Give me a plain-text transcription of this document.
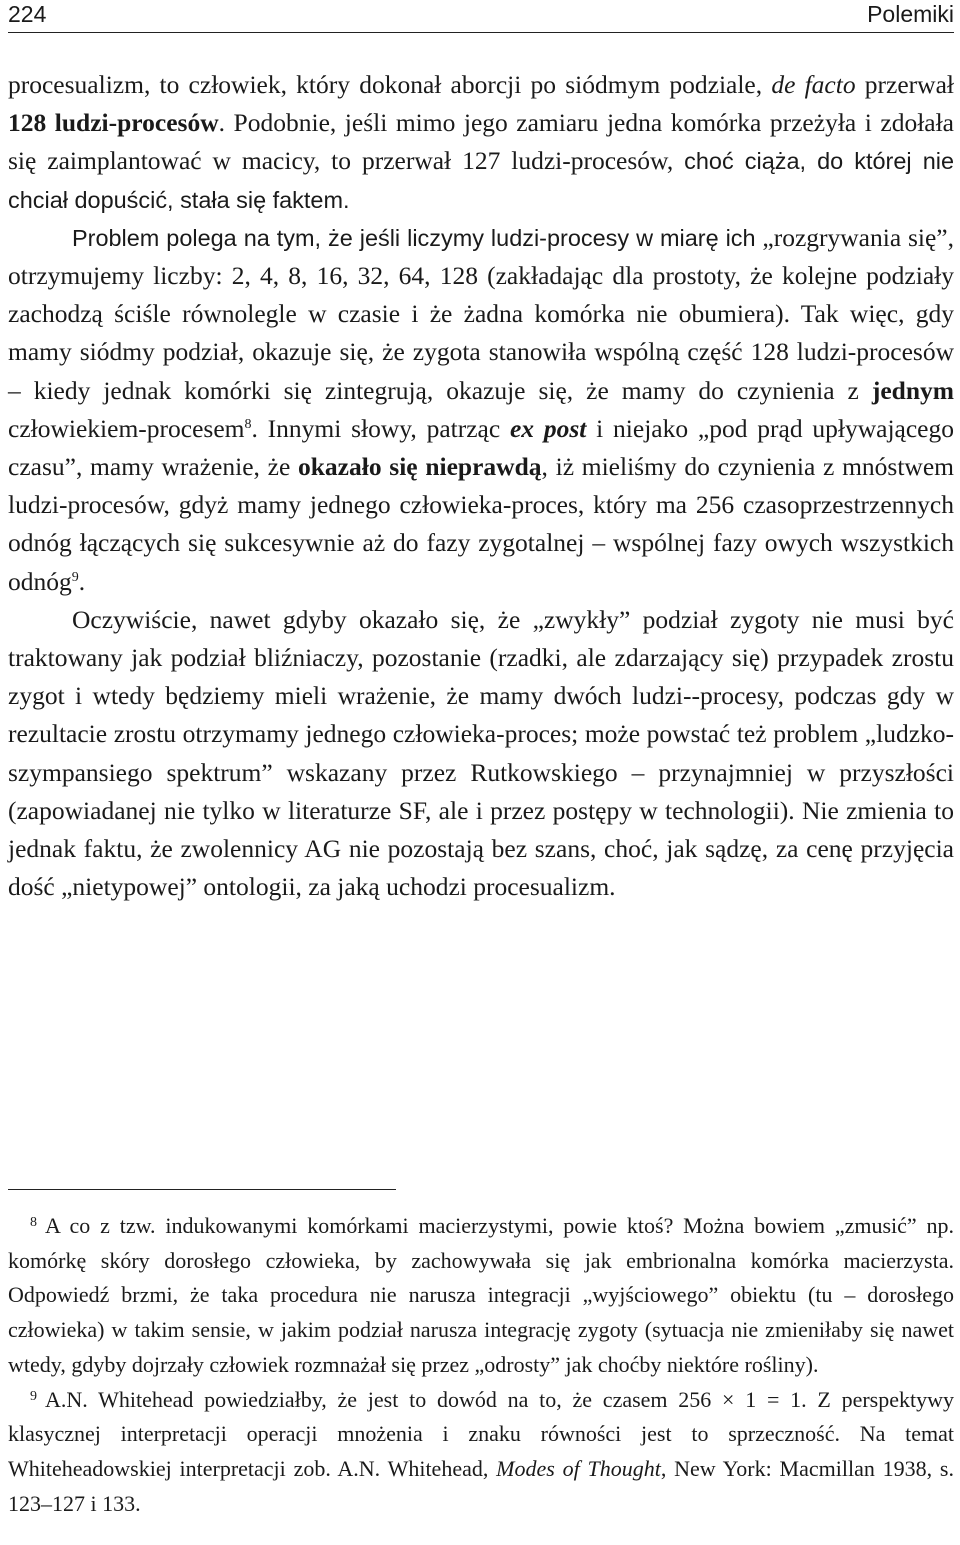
224	Polemiki

procesualizm, to człowiek, który dokonał aborcji po siódmym podziale, de facto przerwał 128 ludzi-procesów. Podobnie, jeśli mimo jego zamiaru jedna komórka przeżyła i zdołała się zaimplantować w macicy, to przerwał 127 ludzi-procesów, choć ciąża, do której nie chciał dopuścić, stała się faktem.

Problem polega na tym, że jeśli liczymy ludzi-procesy w miarę ich „rozgrywania się”, otrzymujemy liczby: 2, 4, 8, 16, 32, 64, 128 (zakładając dla prostoty, że kolejne podziały zachodzą ściśle równolegle w czasie i że żadna komórka nie obumiera). Tak więc, gdy mamy siódmy podział, okazuje się, że zygota stanowiła wspólną część 128 ludzi-procesów – kiedy jednak komórki się zintegrują, okazuje się, że mamy do czynienia z jednym człowiekiem-procesem$^8$. Innymi słowy, patrząc ex post i niejako „pod prąd upływającego czasu”, mamy wrażenie, że okazało się nieprawdą, iż mieliśmy do czynienia z mnóstwem ludzi-procesów, gdyż mamy jednego człowieka-proces, który ma 256 czasoprzestrzennych odnóg łączących się sukcesywnie aż do fazy zygotalnej – wspólnej fazy owych wszystkich odnóg$^9$.

Oczywiście, nawet gdyby okazało się, że „zwykły” podział zygoty nie musi być traktowany jak podział bliźniaczy, pozostanie (rzadki, ale zdarzający się) przypadek zrostu zygot i wtedy będziemy mieli wrażenie, że mamy dwóch ludzi--procesy, podczas gdy w rezultacie zrostu otrzymamy jednego człowieka-proces; może powstać też problem „ludzko-szympansiego spektrum” wskazany przez Rutkowskiego – przynajmniej w przyszłości (zapowiadanej nie tylko w literaturze SF, ale i przez postępy w technologii). Nie zmienia to jednak faktu, że zwolennicy AG nie pozostają bez szans, choć, jak sądzę, za cenę przyjęcia dość „nietypowej” ontologii, za jaką uchodzi procesualizm.

$^8$ A co z tzw. indukowanymi komórkami macierzystymi, powie ktoś? Można bowiem „zmusić” np. komórkę skóry dorosłego człowieka, by zachowywała się jak embrionalna komórka macierzysta. Odpowiedź brzmi, że taka procedura nie narusza integracji „wyjściowego” obiektu (tu – dorosłego człowieka) w takim sensie, w jakim podział narusza integrację zygoty (sytuacja nie zmieniłaby się nawet wtedy, gdyby dojrzały człowiek rozmnażał się przez „odrosty” jak choćby niektóre rośliny).

$^9$ A.N. Whitehead powiedziałby, że jest to dowód na to, że czasem 256 × 1 = 1. Z perspektywy klasycznej interpretacji operacji mnożenia i znaku równości jest to sprzeczność. Na temat Whiteheadowskiej interpretacji zob. A.N. Whitehead, Modes of Thought, New York: Macmillan 1938, s. 123–127 i 133.
